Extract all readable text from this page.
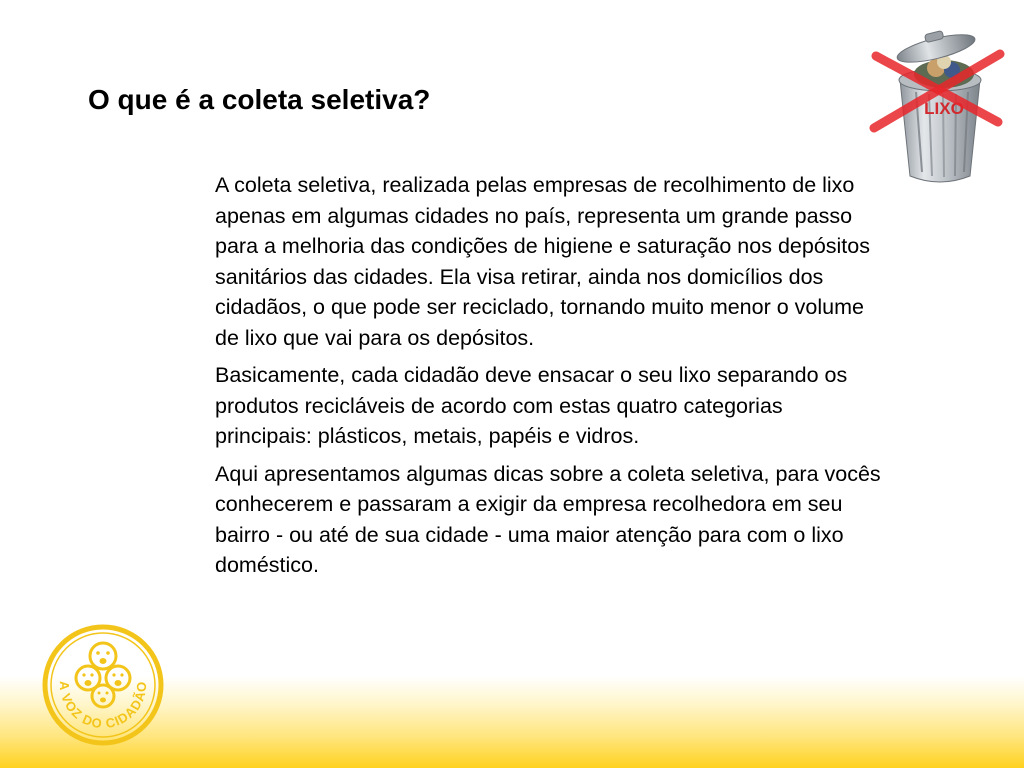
O que é a coleta seletiva?

A coleta seletiva, realizada pelas empresas de recolhimento de lixo apenas em algumas cidades no país, representa um grande passo para a melhoria das condições de higiene e saturação nos depósitos sanitários das cidades. Ela visa retirar, ainda nos domicílios dos cidadãos, o que pode ser reciclado, tornando muito menor o volume de lixo que vai para os depósitos.

Basicamente, cada cidadão deve ensacar o seu lixo separando os produtos recicláveis de acordo com estas quatro categorias principais: plásticos, metais, papéis e vidros.

Aqui apresentamos algumas dicas sobre a coleta seletiva, para vocês conhecerem e passaram a exigir da empresa recolhedora em seu bairro - ou até de sua cidade - uma maior atenção para com o lixo doméstico.

LIXO
A VOZ DO CIDADÃO
